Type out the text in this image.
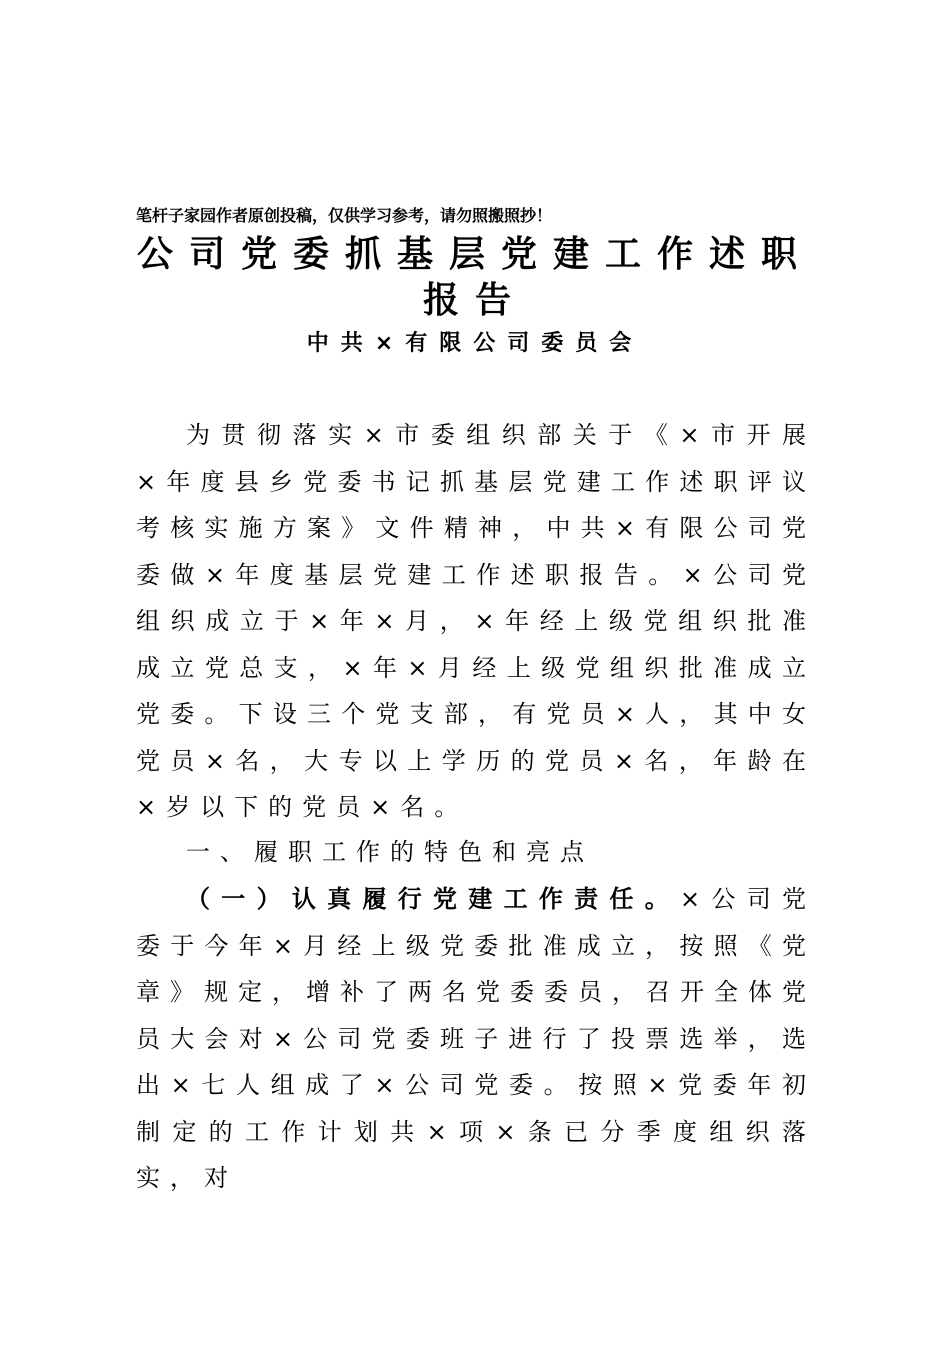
笔杆子家园作者原创投稿，仅供学习参考，请勿照搬照抄！
公司党委抓基层党建工作述职
报告
中共×有限公司委员会

为贯彻落实×市委组织部关于《×市开展×年度县乡党委书记抓基层党建工作述职评议考核实施方案》文件精神，中共×有限公司党委做×年度基层党建工作述职报告。×公司党组织成立于×年×月，×年经上级党组织批准成立党总支，×年×月经上级党组织批准成立党委。下设三个党支部，有党员×人，其中女党员×名，大专以上学历的党员×名，年龄在×岁以下的党员×名。

一、履职工作的特色和亮点

（一）认真履行党建工作责任。×公司党委于今年×月经上级党委批准成立，按照《党章》规定，增补了两名党委委员，召开全体党员大会对×公司党委班子进行了投票选举，选出×七人组成了×公司党委。按照×党委年初制定的工作计划共×项×条已分季度组织落实，对
